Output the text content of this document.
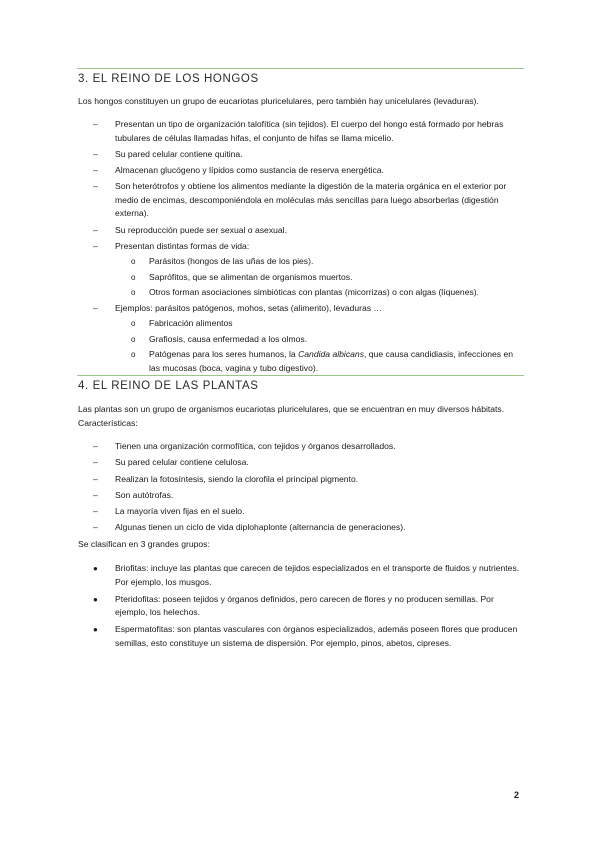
3. EL REINO DE LOS HONGOS
Los hongos constituyen un grupo de eucariotas pluricelulares, pero también hay unicelulares (levaduras).
– Presentan un tipo de organización talofítica (sin tejidos). El cuerpo del hongo está formado por hebras tubulares de células llamadas hifas, el conjunto de hifas se llama micelio.
– Su pared celular contiene quitina.
– Almacenan glucógeno y lípidos como sustancia de reserva energética.
– Son heterótrofos y obtiene los alimentos mediante la digestión de la materia orgánica en el exterior por medio de encimas, descomponiéndola en moléculas más sencillas para luego absorberlas (digestión externa).
– Su reproducción puede ser sexual o asexual.
– Presentan distintas formas de vida:
o Parásitos (hongos de las uñas de los pies).
o Saprófitos, que se alimentan de organismos muertos.
o Otros forman asociaciones simbióticas con plantas (micorrizas) o con algas (líquenes).
– Ejemplos: parásitos patógenos, mohos, setas (alimento), levaduras …
o Fabricación alimentos
o Grafiosis, causa enfermedad a los olmos.
o Patógenas para los seres humanos, la Candida albicans, que causa candidiasis, infecciones en las mucosas (boca, vagina y tubo digestivo).
4. EL REINO DE LAS PLANTAS
Las plantas son un grupo de organismos eucariotas pluricelulares, que se encuentran en muy diversos hábitats. Características:
– Tienen una organización cormofítica, con tejidos y órganos desarrollados.
– Su pared celular contiene celulosa.
– Realizan la fotosíntesis, siendo la clorofila el principal pigmento.
– Son autótrofas.
– La mayoría viven fijas en el suelo.
– Algunas tienen un ciclo de vida diplohaplonte (alternancia de generaciones).
Se clasifican en 3 grandes grupos:
● Briofitas: incluye las plantas que carecen de tejidos especializados en el transporte de fluidos y nutrientes. Por ejemplo, los musgos.
● Pteridofitas: poseen tejidos y órganos definidos, pero carecen de flores y no producen semillas. Por ejemplo, los helechos.
● Espermatofitas: son plantas vasculares con órganos especializados, además poseen flores que producen semillas, esto constituye un sistema de dispersión. Por ejemplo, pinos, abetos, cipreses.
2
